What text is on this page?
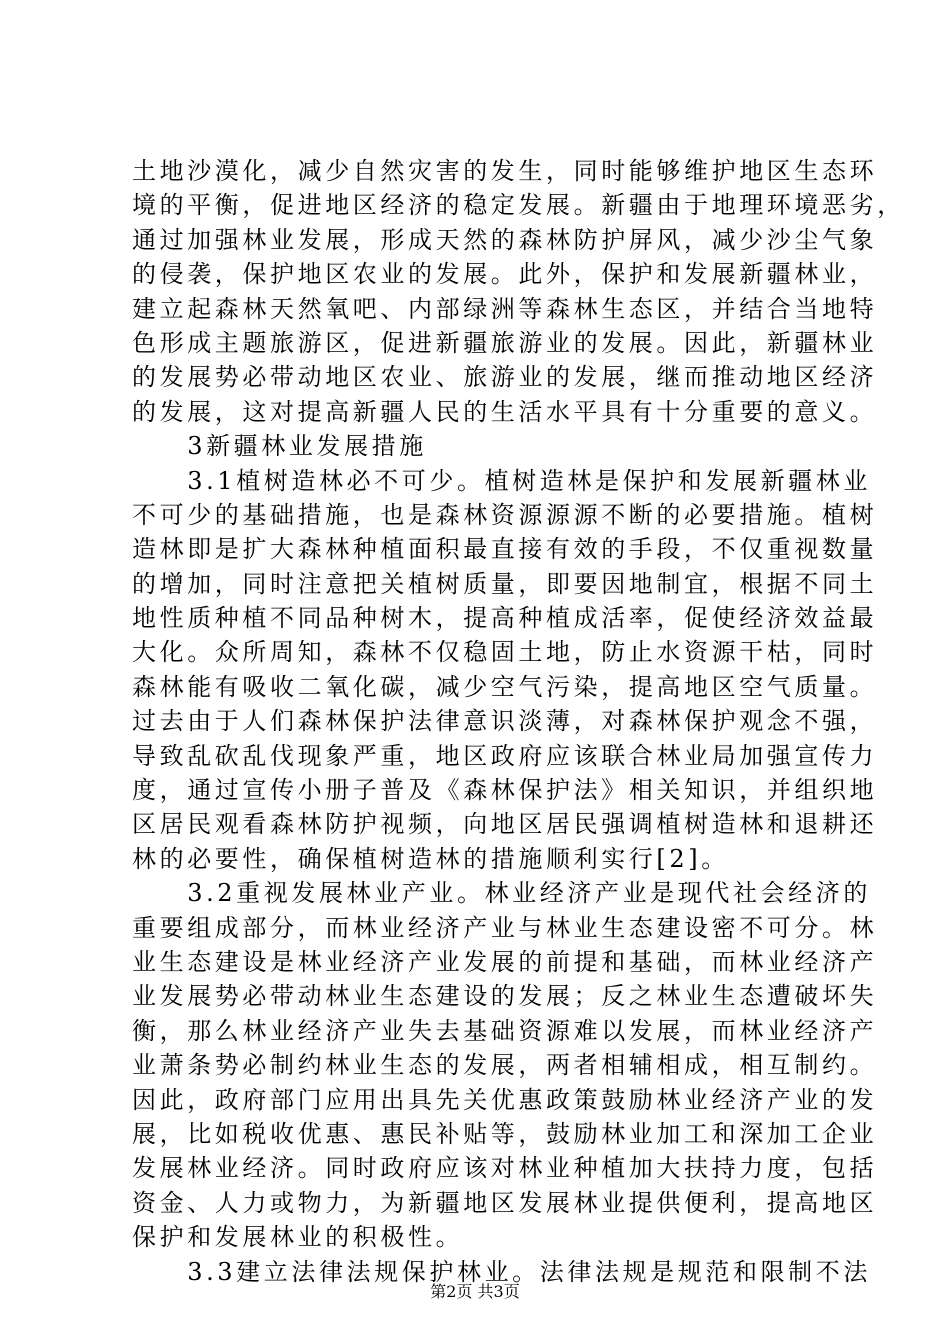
土地沙漠化，减少自然灾害的发生，同时能够维护地区生态环
境的平衡，促进地区经济的稳定发展。新疆由于地理环境恶劣，
通过加强林业发展，形成天然的森林防护屏风，减少沙尘气象
的侵袭，保护地区农业的发展。此外，保护和发展新疆林业，
建立起森林天然氧吧、内部绿洲等森林生态区，并结合当地特
色形成主题旅游区，促进新疆旅游业的发展。因此，新疆林业
的发展势必带动地区农业、旅游业的发展，继而推动地区经济
的发展，这对提高新疆人民的生活水平具有十分重要的意义。
　　3新疆林业发展措施
　　3.1植树造林必不可少。植树造林是保护和发展新疆林业
不可少的基础措施，也是森林资源源源不断的必要措施。植树
造林即是扩大森林种植面积最直接有效的手段，不仅重视数量
的增加，同时注意把关植树质量，即要因地制宜，根据不同土
地性质种植不同品种树木，提高种植成活率，促使经济效益最
大化。众所周知，森林不仅稳固土地，防止水资源干枯，同时
森林能有吸收二氧化碳，减少空气污染，提高地区空气质量。
过去由于人们森林保护法律意识淡薄，对森林保护观念不强，
导致乱砍乱伐现象严重，地区政府应该联合林业局加强宣传力
度，通过宣传小册子普及《森林保护法》相关知识，并组织地
区居民观看森林防护视频，向地区居民强调植树造林和退耕还
林的必要性，确保植树造林的措施顺利实行[2]。
　　3.2重视发展林业产业。林业经济产业是现代社会经济的
重要组成部分，而林业经济产业与林业生态建设密不可分。林
业生态建设是林业经济产业发展的前提和基础，而林业经济产
业发展势必带动林业生态建设的发展；反之林业生态遭破坏失
衡，那么林业经济产业失去基础资源难以发展，而林业经济产
业萧条势必制约林业生态的发展，两者相辅相成，相互制约。
因此，政府部门应用出具先关优惠政策鼓励林业经济产业的发
展，比如税收优惠、惠民补贴等，鼓励林业加工和深加工企业
发展林业经济。同时政府应该对林业种植加大扶持力度，包括
资金、人力或物力，为新疆地区发展林业提供便利，提高地区
保护和发展林业的积极性。
　　3.3建立法律法规保护林业。法律法规是规范和限制不法
第2页 共3页
